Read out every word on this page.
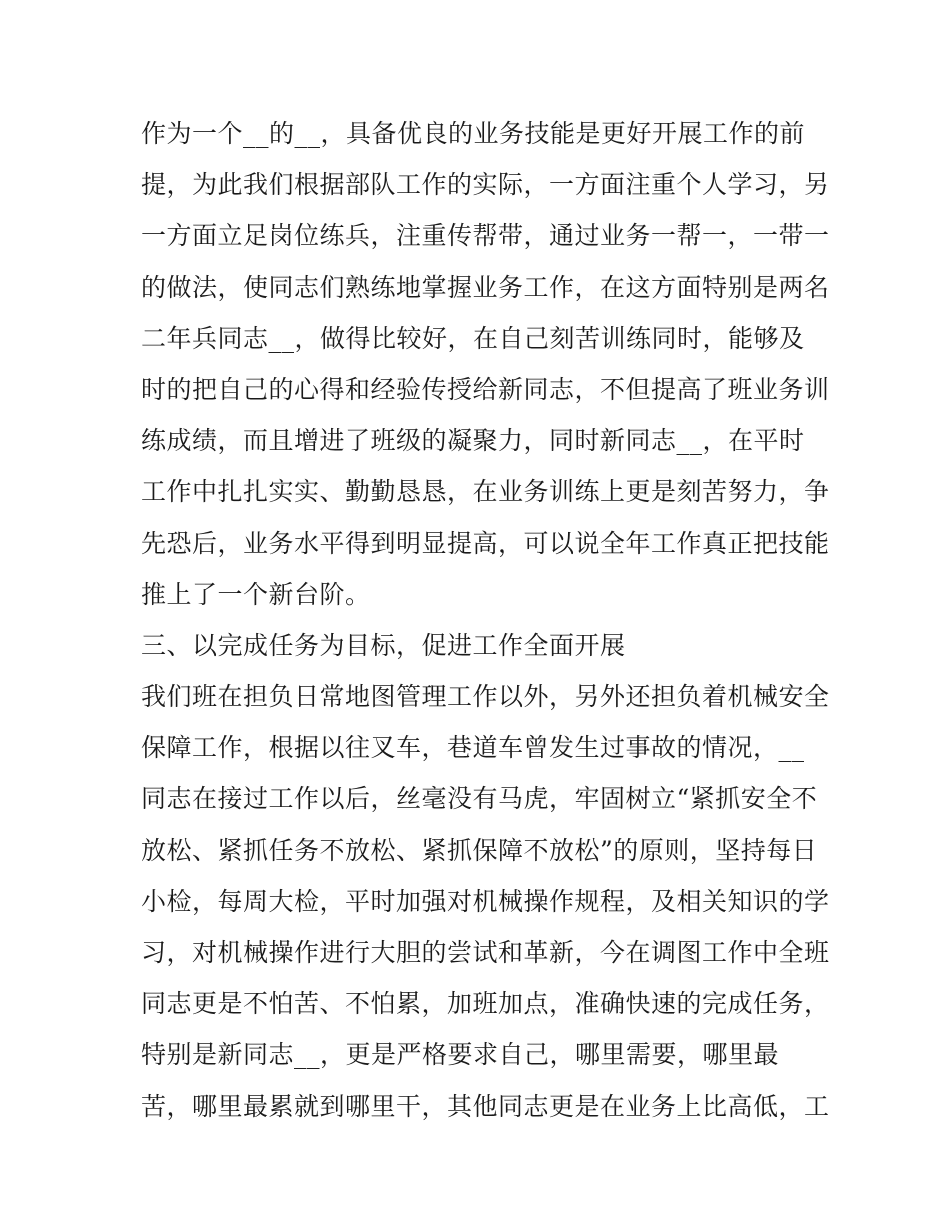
作为一个__的__，具备优良的业务技能是更好开展工作的前
提，为此我们根据部队工作的实际，一方面注重个人学习，另
一方面立足岗位练兵，注重传帮带，通过业务一帮一，一带一
的做法，使同志们熟练地掌握业务工作，在这方面特别是两名
二年兵同志__，做得比较好，在自己刻苦训练同时，能够及
时的把自己的心得和经验传授给新同志，不但提高了班业务训
练成绩，而且增进了班级的凝聚力，同时新同志__，在平时
工作中扎扎实实、勤勤恳恳，在业务训练上更是刻苦努力，争
先恐后，业务水平得到明显提高，可以说全年工作真正把技能
推上了一个新台阶。
三、以完成任务为目标，促进工作全面开展
我们班在担负日常地图管理工作以外，另外还担负着机械安全
保障工作，根据以往叉车，巷道车曾发生过事故的情况，__
同志在接过工作以后，丝毫没有马虎，牢固树立“紧抓安全不
放松、紧抓任务不放松、紧抓保障不放松”的原则，坚持每日
小检，每周大检，平时加强对机械操作规程，及相关知识的学
习，对机械操作进行大胆的尝试和革新，今在调图工作中全班
同志更是不怕苦、不怕累，加班加点，准确快速的完成任务，
特别是新同志__，更是严格要求自己，哪里需要，哪里最
苦，哪里最累就到哪里干，其他同志更是在业务上比高低，工
